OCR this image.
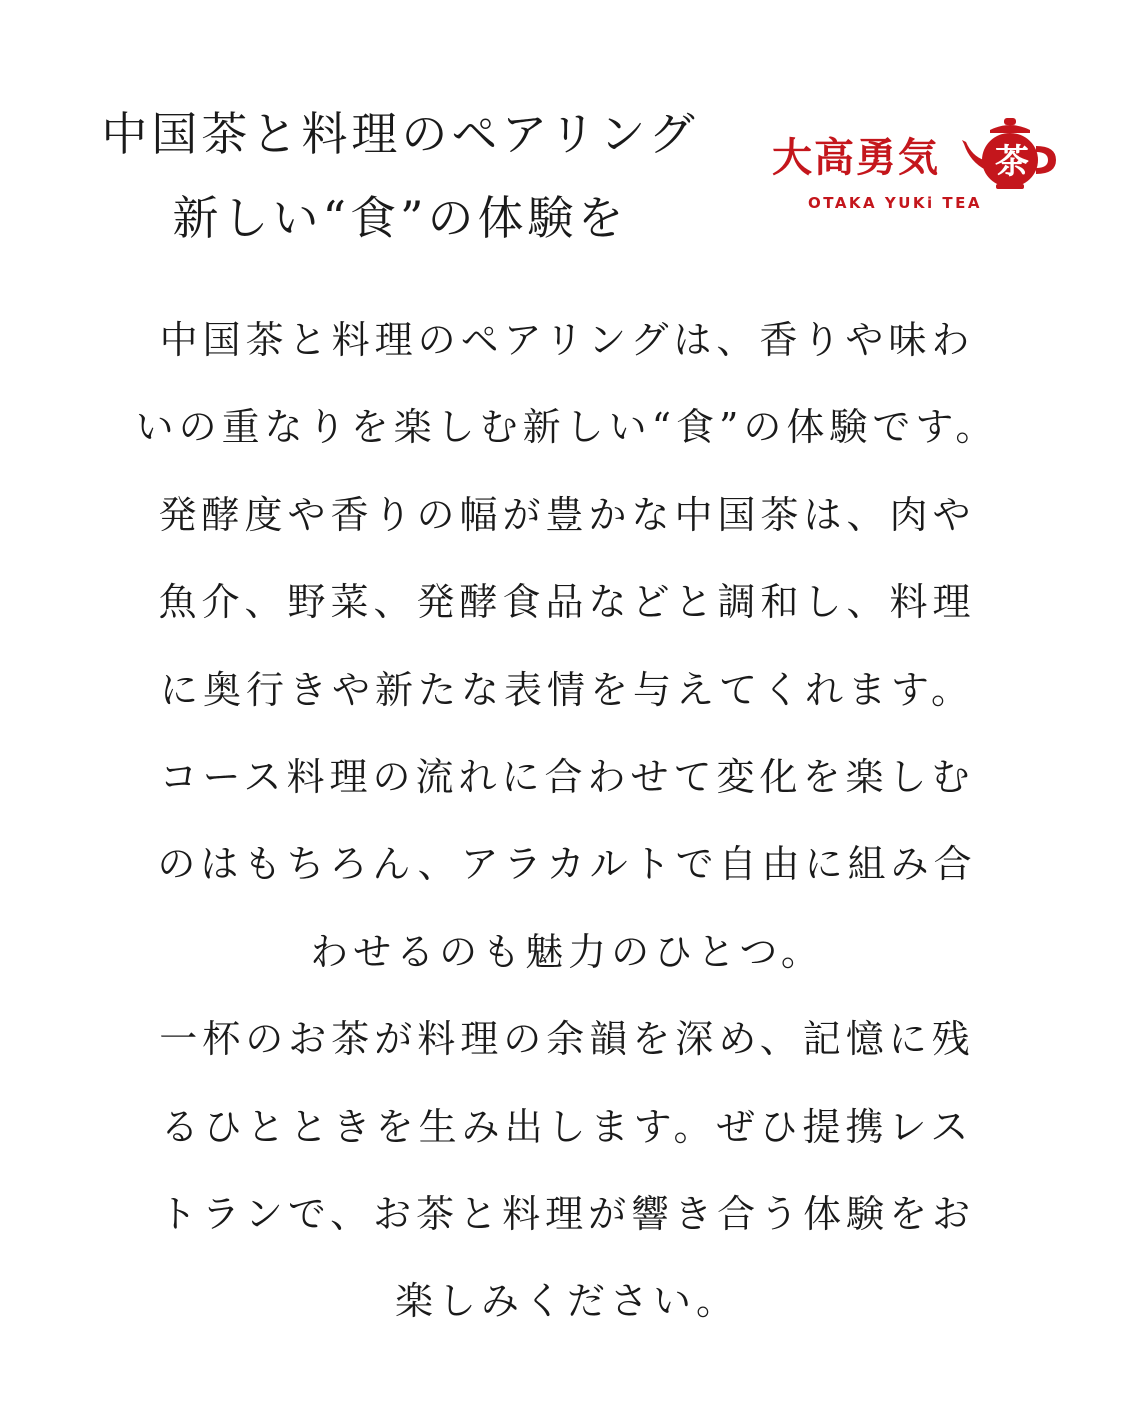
中国茶と料理のペアリング
新しい“食”の体験を
大高勇気 茶
OTAKA YUKi TEA
中国茶と料理のペアリングは、香りや味わ
いの重なりを楽しむ新しい“食”の体験です。
発酵度や香りの幅が豊かな中国茶は、肉や
魚介、野菜、発酵食品などと調和し、料理
に奥行きや新たな表情を与えてくれます。
コース料理の流れに合わせて変化を楽しむ
のはもちろん、アラカルトで自由に組み合
わせるのも魅力のひとつ。
一杯のお茶が料理の余韻を深め、記憶に残
るひとときを生み出します。ぜひ提携レス
トランで、お茶と料理が響き合う体験をお
楽しみください。
